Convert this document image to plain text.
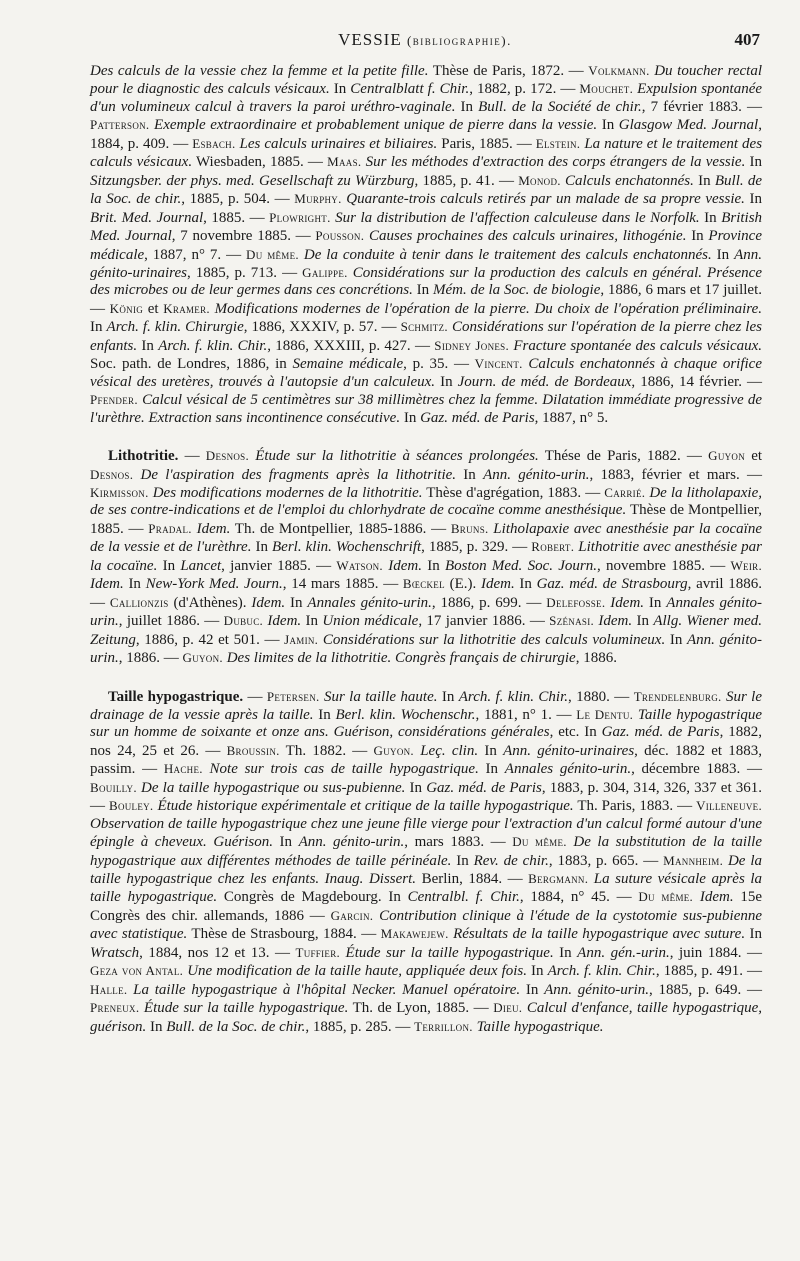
VESSIE (bibliographie).	407

Des calculs de la vessie chez la femme et la petite fille. Thèse de Paris, 1872. — Volkmann. Du toucher rectal pour le diagnostic des calculs vésicaux. In Centralblatt f. Chir., 1882, p. 172. — Mouchet. Expulsion spontanée d'un volumineux calcul à travers la paroi uréthro-vaginale. In Bull. de la Société de chir., 7 février 1883. — Patterson. Exemple extraordinaire et probablement unique de pierre dans la vessie. In Glasgow Med. Journal, 1884, p. 409. — Esbach. Les calculs urinaires et biliaires. Paris, 1885. — Elstein. La nature et le traitement des calculs vésicaux. Wiesbaden, 1885. — Maas. Sur les méthodes d'extraction des corps étrangers de la vessie. In Sitzungsber. der phys. med. Gesellschaft zu Würzburg, 1885, p. 41. — Monod. Calculs enchatonnés. In Bull. de la Soc. de chir., 1885, p. 504. — Murphy. Quarante-trois calculs retirés par un malade de sa propre vessie. In Brit. Med. Journal, 1885. — Plowright. Sur la distribution de l'affection calculeuse dans le Norfolk. In British Med. Journal, 7 novembre 1885. — Pousson. Causes prochaines des calculs urinaires, lithogénie. In Province médicale, 1887, n° 7. — Du même. De la conduite à tenir dans le traitement des calculs enchatonnés. In Ann. génito-urinaires, 1885, p. 713. — Galippe. Considérations sur la production des calculs en général. Présence des microbes ou de leur germes dans ces concrétions. In Mém. de la Soc. de biologie, 1886, 6 mars et 17 juillet. — König et Kramer. Modifications modernes de l'opération de la pierre. Du choix de l'opération préliminaire. In Arch. f. klin. Chirurgie, 1886, XXXIV, p. 57. — Schmitz. Considérations sur l'opération de la pierre chez les enfants. In Arch. f. klin. Chir., 1886, XXXIII, p. 427. — Sidney Jones. Fracture spontanée des calculs vésicaux. Soc. path. de Londres, 1886, in Semaine médicale, p. 35. — Vincent. Calculs enchatonnés à chaque orifice vésical des uretères, trouvés à l'autopsie d'un calculeux. In Journ. de méd. de Bordeaux, 1886, 14 février. — Pfender. Calcul vésical de 5 centimètres sur 38 millimètres chez la femme. Dilatation immédiate progressive de l'urèthre. Extraction sans incontinence consécutive. In Gaz. méd. de Paris, 1887, n° 5.

Lithotritie. — Desnos. Étude sur la lithotritie à séances prolongées. Thése de Paris, 1882. — Guyon et Desnos. De l'aspiration des fragments après la lithotritie. In Ann. génito-urin., 1883, février et mars. — Kirmisson. Des modifications modernes de la lithotritie. Thèse d'agrégation, 1883. — Carrié. De la litholapaxie, de ses contre-indications et de l'emploi du chlorhydrate de cocaïne comme anesthésique. Thèse de Montpellier, 1885. — Pradal. Idem. Th. de Montpellier, 1885-1886. — Bruns. Litholapaxie avec anesthésie par la cocaïne de la vessie et de l'urèthre. In Berl. klin. Wochenschrift, 1885, p. 329. — Robert. Lithotritie avec anesthésie par la cocaïne. In Lancet, janvier 1885. — Watson. Idem. In Boston Med. Soc. Journ., novembre 1885. — Weir. Idem. In New-York Med. Journ., 14 mars 1885. — Bœckel (E.). Idem. In Gaz. méd. de Strasbourg, avril 1886. — Callionzis (d'Athènes). Idem. In Annales génito-urin., 1886, p. 699. — Delefosse. Idem. In Annales génito-urin., juillet 1886. — Dubuc. Idem. In Union médicale, 17 janvier 1886. — Szénasi. Idem. In Allg. Wiener med. Zeitung, 1886, p. 42 et 501. — Jamin. Considérations sur la lithotritie des calculs volumineux. In Ann. génito-urin., 1886. — Guyon. Des limites de la lithotritie. Congrès français de chirurgie, 1886.

Taille hypogastrique. — Petersen. Sur la taille haute. In Arch. f. klin. Chir., 1880. — Trendelenburg. Sur le drainage de la vessie après la taille. In Berl. klin. Wochenschr., 1881, n° 1. — Le Dentu. Taille hypogastrique sur un homme de soixante et onze ans. Guérison, considérations générales, etc. In Gaz. méd. de Paris, 1882, nos 24, 25 et 26. — Broussin. Th. 1882. — Guyon. Leç. clin. In Ann. génito-urinaires, déc. 1882 et 1883, passim. — Hache. Note sur trois cas de taille hypogastrique. In Annales génito-urin., décembre 1883. — Bouilly. De la taille hypogastrique ou sus-pubienne. In Gaz. méd. de Paris, 1883, p. 304, 314, 326, 337 et 361. — Bouley. Étude historique expérimentale et critique de la taille hypogastrique. Th. Paris, 1883. — Villeneuve. Observation de taille hypogastrique chez une jeune fille vierge pour l'extraction d'un calcul formé autour d'une épingle à cheveux. Guérison. In Ann. génito-urin., mars 1883. — Du même. De la substitution de la taille hypogastrique aux différentes méthodes de taille périnéale. In Rev. de chir., 1883, p. 665. — Mannheim. De la taille hypogastrique chez les enfants. Inaug. Dissert. Berlin, 1884. — Bergmann. La suture vésicale après la taille hypogastrique. Congrès de Magdebourg. In Centralbl. f. Chir., 1884, n° 45. — Du même. Idem. 15e Congrès des chir. allemands, 1886 — Garcin. Contribution clinique à l'étude de la cystotomie sus-pubienne avec statistique. Thèse de Strasbourg, 1884. — Makawejew. Résultats de la taille hypogastrique avec suture. In Wratsch, 1884, nos 12 et 13. — Tuffier. Étude sur la taille hypogastrique. In Ann. gén.-urin., juin 1884. — Geza von Antal. Une modification de la taille haute, appliquée deux fois. In Arch. f. klin. Chir., 1885, p. 491. — Halle. La taille hypogastrique à l'hôpital Necker. Manuel opératoire. In Ann. génito-urin., 1885, p. 649. — Preneux. Étude sur la taille hypogastrique. Th. de Lyon, 1885. — Dieu. Calcul d'enfance, taille hypogastrique, guérison. In Bull. de la Soc. de chir., 1885, p. 285. — Terrillon. Taille hypogastrique.
